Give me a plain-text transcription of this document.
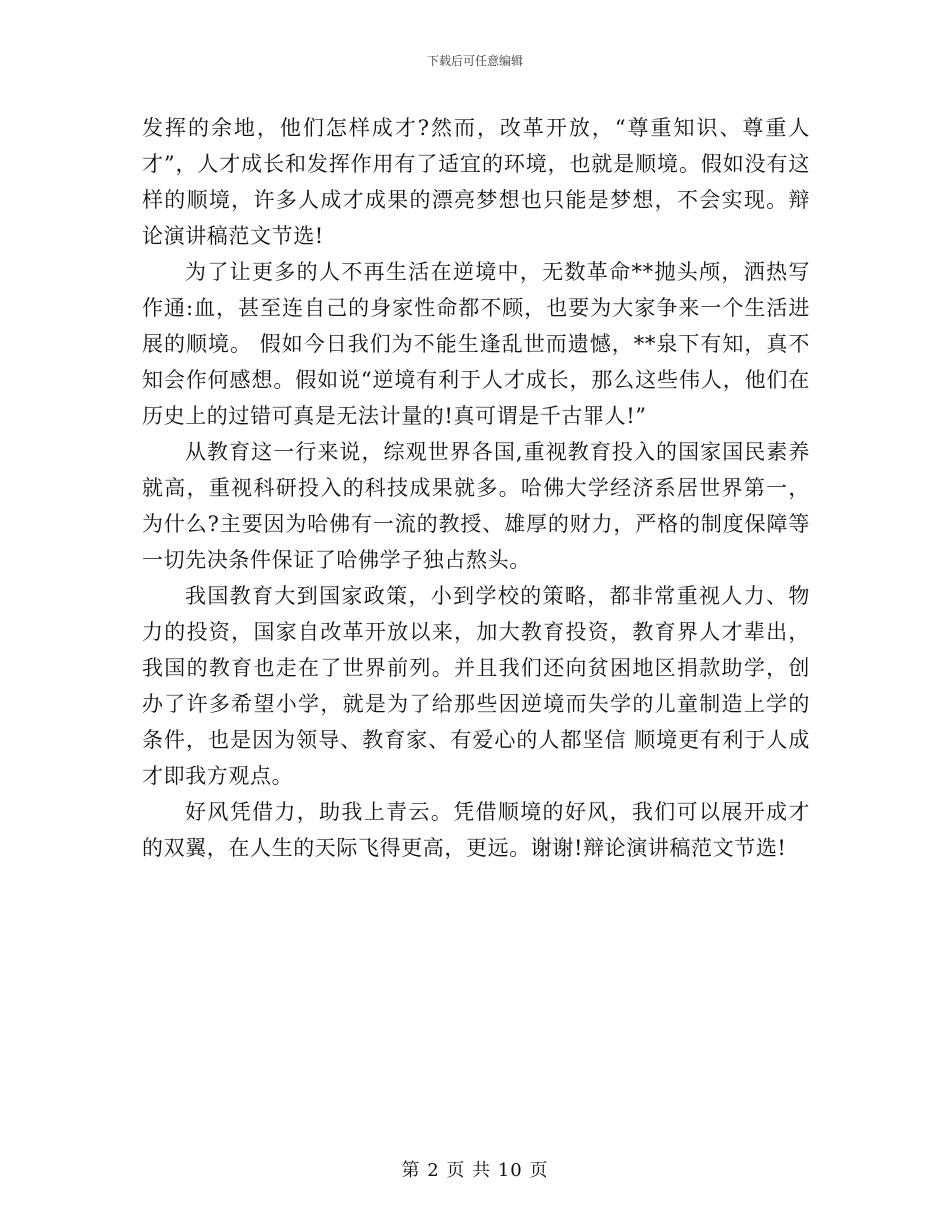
下载后可任意编辑

发挥的余地，他们怎样成才?然而，改革开放，“尊重知识、尊重人才”，人才成长和发挥作用有了适宜的环境，也就是顺境。假如没有这样的顺境，许多人成才成果的漂亮梦想也只能是梦想，不会实现。辩论演讲稿范文节选!

为了让更多的人不再生活在逆境中，无数革命**抛头颅，洒热写作通:血，甚至连自己的身家性命都不顾，也要为大家争来一个生活进展的顺境。 假如今日我们为不能生逢乱世而遗憾，**泉下有知，真不知会作何感想。假如说“逆境有利于人才成长，那么这些伟人，他们在历史上的过错可真是无法计量的!真可谓是千古罪人!”

从教育这一行来说，综观世界各国,重视教育投入的国家国民素养就高，重视科研投入的科技成果就多。哈佛大学经济系居世界第一，为什么?主要因为哈佛有一流的教授、雄厚的财力，严格的制度保障等一切先决条件保证了哈佛学子独占熬头。

我国教育大到国家政策，小到学校的策略，都非常重视人力、物力的投资，国家自改革开放以来，加大教育投资，教育界人才辈出，我国的教育也走在了世界前列。并且我们还向贫困地区捐款助学，创办了许多希望小学，就是为了给那些因逆境而失学的儿童制造上学的条件，也是因为领导、教育家、有爱心的人都坚信 顺境更有利于人成才即我方观点。

好风凭借力，助我上青云。凭借顺境的好风，我们可以展开成才的双翼，在人生的天际飞得更高，更远。谢谢!辩论演讲稿范文节选!

第 2 页 共 10 页
